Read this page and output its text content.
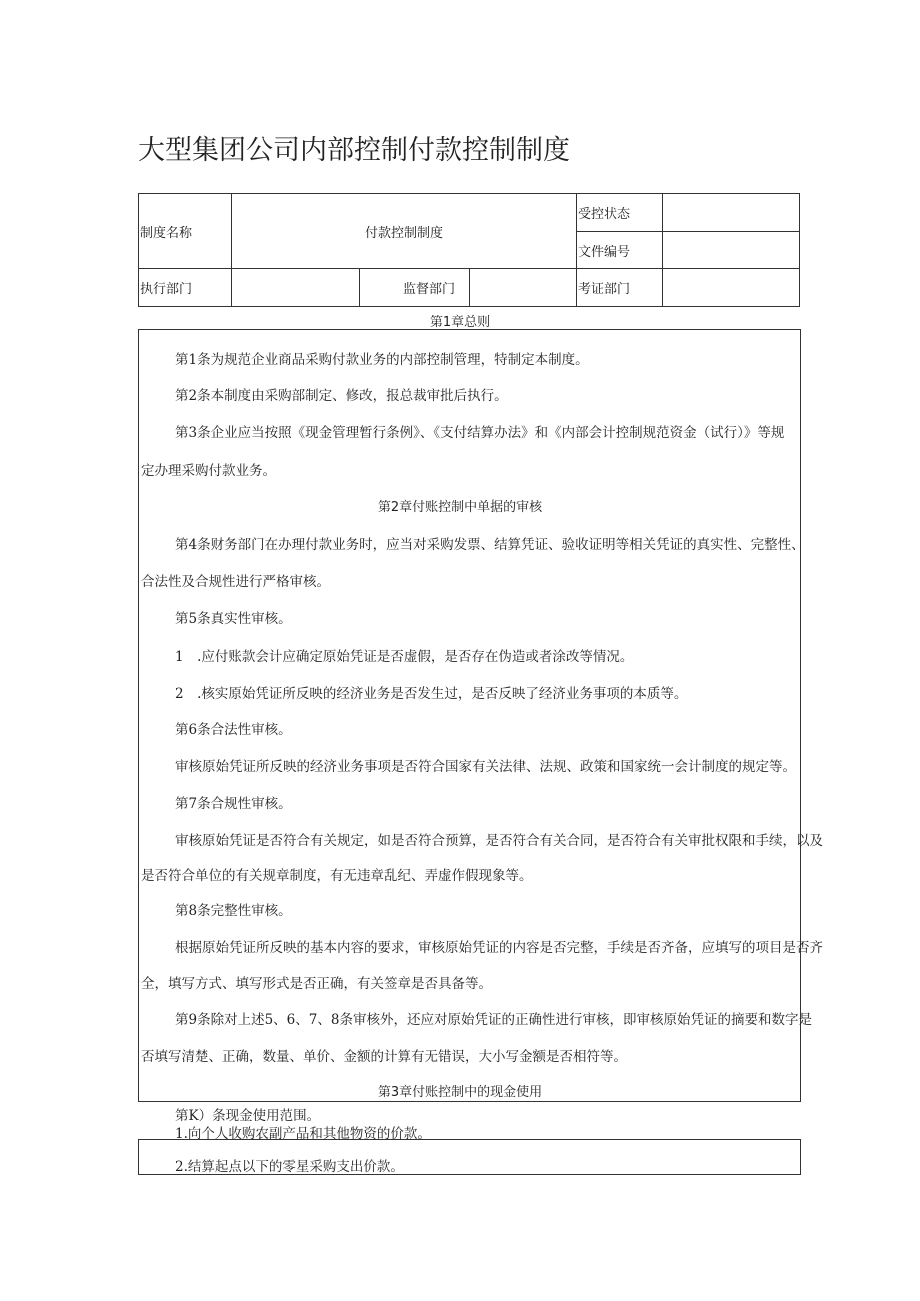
大型集团公司内部控制付款控制制度
制度名称	付款控制制度			受控状态	
				文件编号	
执行部门		监督部门		考证部门	
第1章总则
第1条为规范企业商品采购付款业务的内部控制管理，特制定本制度。
第2条本制度由采购部制定、修改，报总裁审批后执行。
第3条企业应当按照《现金管理暂行条例》、《支付结算办法》和《内部会计控制规范资金（试行）》等规
定办理采购付款业务。
第2章付账控制中单据的审核
第4条财务部门在办理付款业务时，应当对采购发票、结算凭证、验收证明等相关凭证的真实性、完整性、
合法性及合规性进行严格审核。
第5条真实性审核。
1　.应付账款会计应确定原始凭证是否虚假，是否存在伪造或者涂改等情况。
2　.核实原始凭证所反映的经济业务是否发生过，是否反映了经济业务事项的本质等。
第6条合法性审核。
审核原始凭证所反映的经济业务事项是否符合国家有关法律、法规、政策和国家统一会计制度的规定等。
第7条合规性审核。
审核原始凭证是否符合有关规定，如是否符合预算，是否符合有关合同，是否符合有关审批权限和手续，以及
是否符合单位的有关规章制度，有无违章乱纪、弄虚作假现象等。
第8条完整性审核。
根据原始凭证所反映的基本内容的要求，审核原始凭证的内容是否完整，手续是否齐备，应填写的项目是否齐
全，填写方式、填写形式是否正确，有关签章是否具备等。
第9条除对上述5、6、7、8条审核外，还应对原始凭证的正确性进行审核，即审核原始凭证的摘要和数字是
否填写清楚、正确，数量、单价、金额的计算有无错误，大小写金额是否相符等。
第3章付账控制中的现金使用
第K）条现金使用范围。
1.向个人收购农副产品和其他物资的价款。
2.结算起点以下的零星采购支出价款。
